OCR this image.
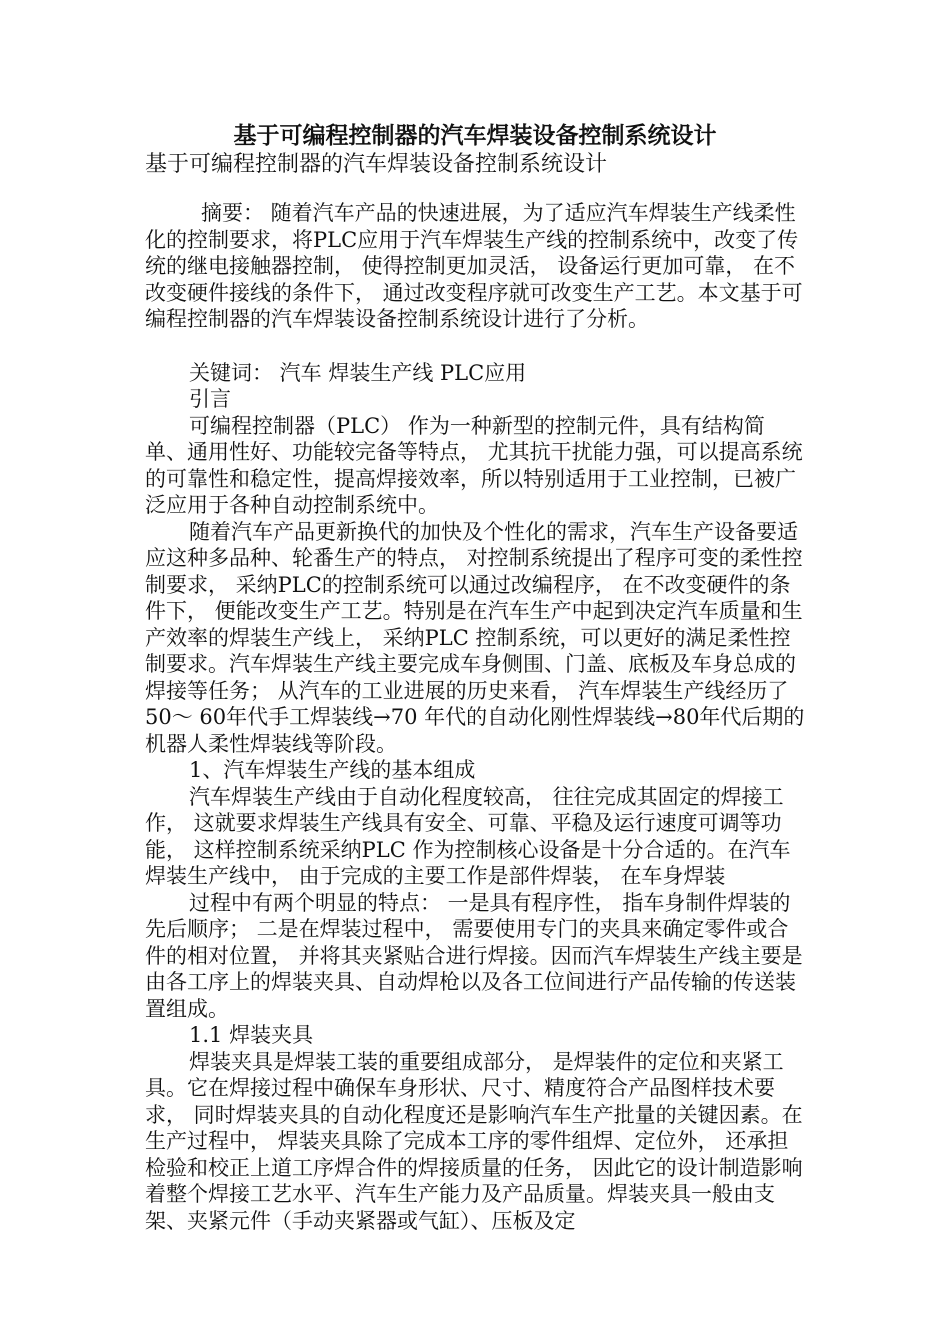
基于可编程控制器的汽车焊装设备控制系统设计
基于可编程控制器的汽车焊装设备控制系统设计

摘要： 随着汽车产品的快速进展，为了适应汽车焊装生产线柔性化的控制要求，将PLC应用于汽车焊装生产线的控制系统中，改变了传统的继电接触器控制， 使得控制更加灵活， 设备运行更加可靠， 在不改变硬件接线的条件下， 通过改变程序就可改变生产工艺。本文基于可编程控制器的汽车焊装设备控制系统设计进行了分析。

关键词： 汽车 焊装生产线 PLC应用

引言

可编程控制器（PLC） 作为一种新型的控制元件，具有结构简单、通用性好、功能较完备等特点， 尤其抗干扰能力强，可以提高系统的可靠性和稳定性，提高焊接效率，所以特别适用于工业控制，已被广泛应用于各种自动控制系统中。

随着汽车产品更新换代的加快及个性化的需求，汽车生产设备要适应这种多品种、轮番生产的特点， 对控制系统提出了程序可变的柔性控制要求， 采纳PLC的控制系统可以通过改编程序， 在不改变硬件的条件下， 便能改变生产工艺。特别是在汽车生产中起到决定汽车质量和生产效率的焊装生产线上， 采纳PLC 控制系统，可以更好的满足柔性控制要求。汽车焊装生产线主要完成车身侧围、门盖、底板及车身总成的焊接等任务； 从汽车的工业进展的历史来看， 汽车焊装生产线经历了50～ 60年代手工焊装线→70 年代的自动化刚性焊装线→80年代后期的机器人柔性焊装线等阶段。

1、汽车焊装生产线的基本组成

汽车焊装生产线由于自动化程度较高， 往往完成其固定的焊接工作， 这就要求焊装生产线具有安全、可靠、平稳及运行速度可调等功能， 这样控制系统采纳PLC 作为控制核心设备是十分合适的。在汽车焊装生产线中， 由于完成的主要工作是部件焊装， 在车身焊装

过程中有两个明显的特点： 一是具有程序性， 指车身制件焊装的先后顺序； 二是在焊装过程中， 需要使用专门的夹具来确定零件或合件的相对位置， 并将其夹紧贴合进行焊接。因而汽车焊装生产线主要是由各工序上的焊装夹具、自动焊枪以及各工位间进行产品传输的传送装置组成。

1.1 焊装夹具

焊装夹具是焊装工装的重要组成部分， 是焊装件的定位和夹紧工具。它在焊接过程中确保车身形状、尺寸、精度符合产品图样技术要求， 同时焊装夹具的自动化程度还是影响汽车生产批量的关键因素。在生产过程中， 焊装夹具除了完成本工序的零件组焊、定位外， 还承担检验和校正上道工序焊合件的焊接质量的任务， 因此它的设计制造影响着整个焊接工艺水平、汽车生产能力及产品质量。焊装夹具一般由支架、夹紧元件（手动夹紧器或气缸）、压板及定
